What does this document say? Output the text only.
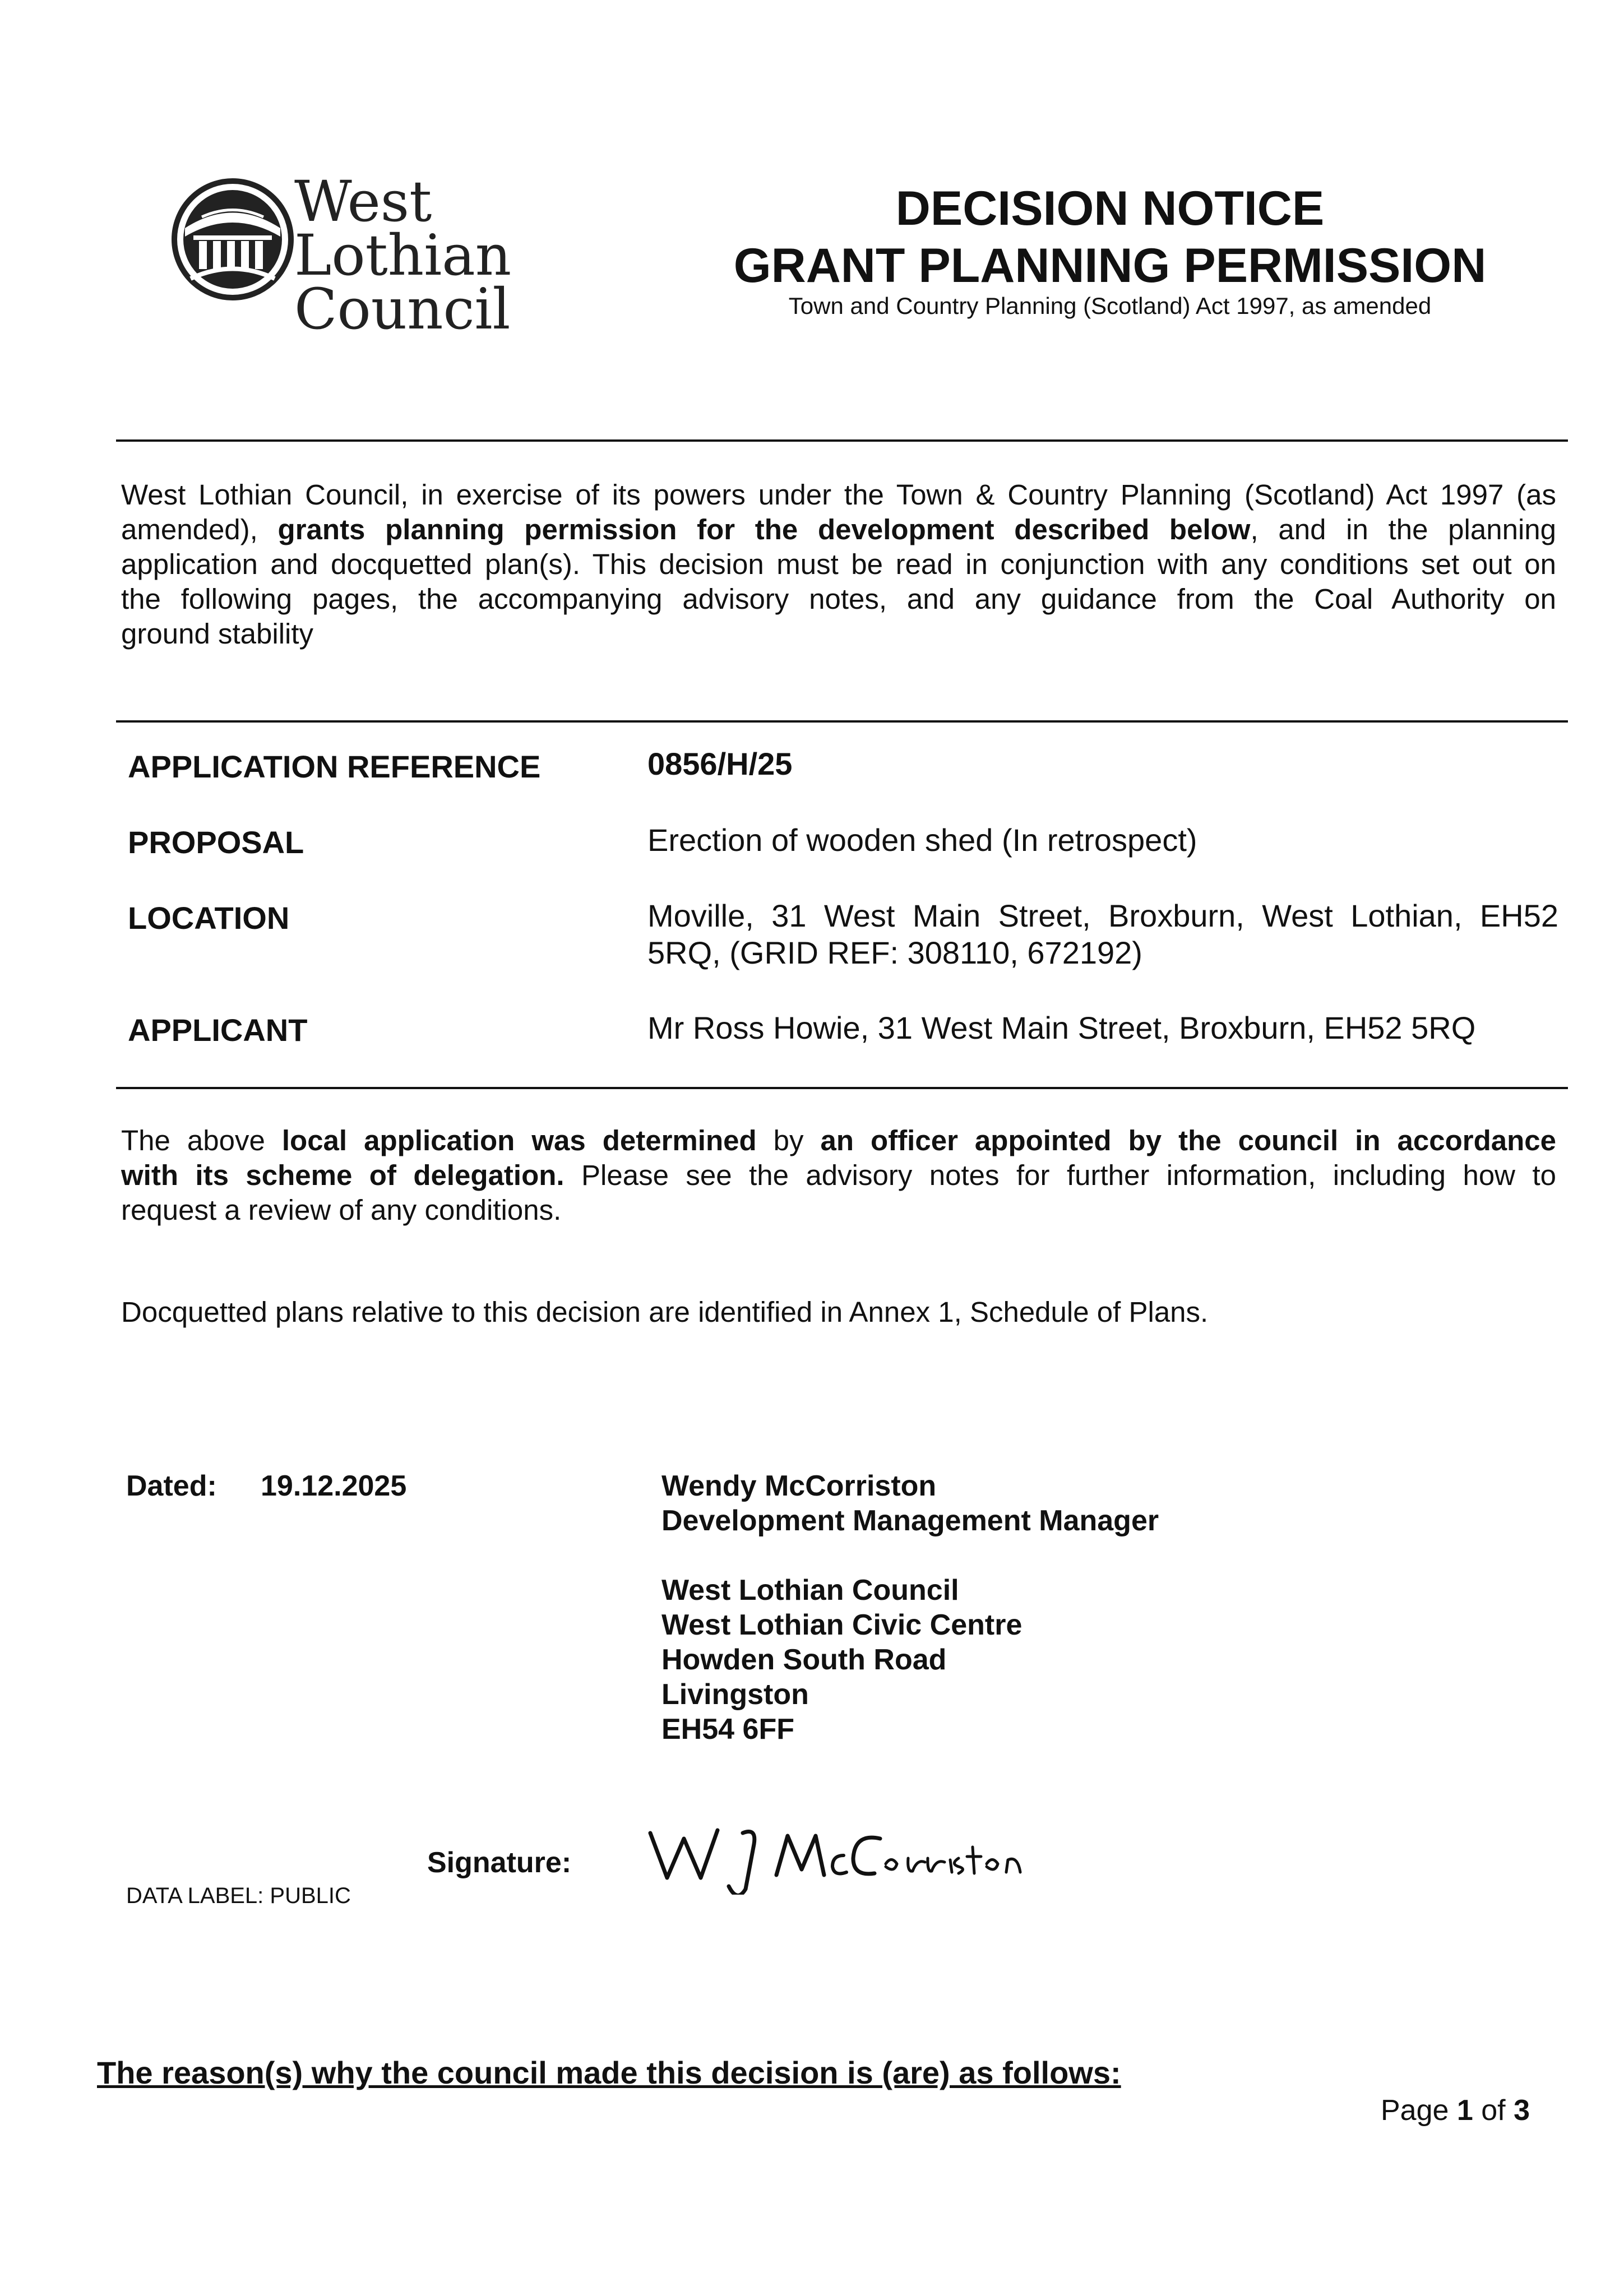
West Lothian
Council
DECISION NOTICE
GRANT PLANNING PERMISSION
Town and Country Planning (Scotland) Act 1997, as amended
West Lothian Council, in exercise of its powers under the Town & Country Planning (Scotland) Act 1997 (as
amended), grants planning permission for the development described below, and in the planning
application and docquetted plan(s). This decision must be read in conjunction with any conditions set out on
the following pages, the accompanying advisory notes, and any guidance from the Coal Authority on
ground stability
APPLICATION REFERENCE	0856/H/25
PROPOSAL	Erection of wooden shed (In retrospect)
LOCATION	Moville, 31 West Main Street, Broxburn, West Lothian, EH52
5RQ, (GRID REF: 308110, 672192)
APPLICANT	Mr Ross Howie, 31 West Main Street, Broxburn, EH52 5RQ
The above local application was determined by an officer appointed by the council in accordance
with its scheme of delegation. Please see the advisory notes for further information, including how to
request a review of any conditions.
Docquetted plans relative to this decision are identified in Annex 1, Schedule of Plans.
Dated: 19.12.2025	Wendy McCorriston
Development Management Manager
West Lothian Council
West Lothian Civic Centre
Howden South Road
Livingston
EH54 6FF
Signature:
DATA LABEL: PUBLIC
The reason(s) why the council made this decision is (are) as follows:
Page 1 of 3
